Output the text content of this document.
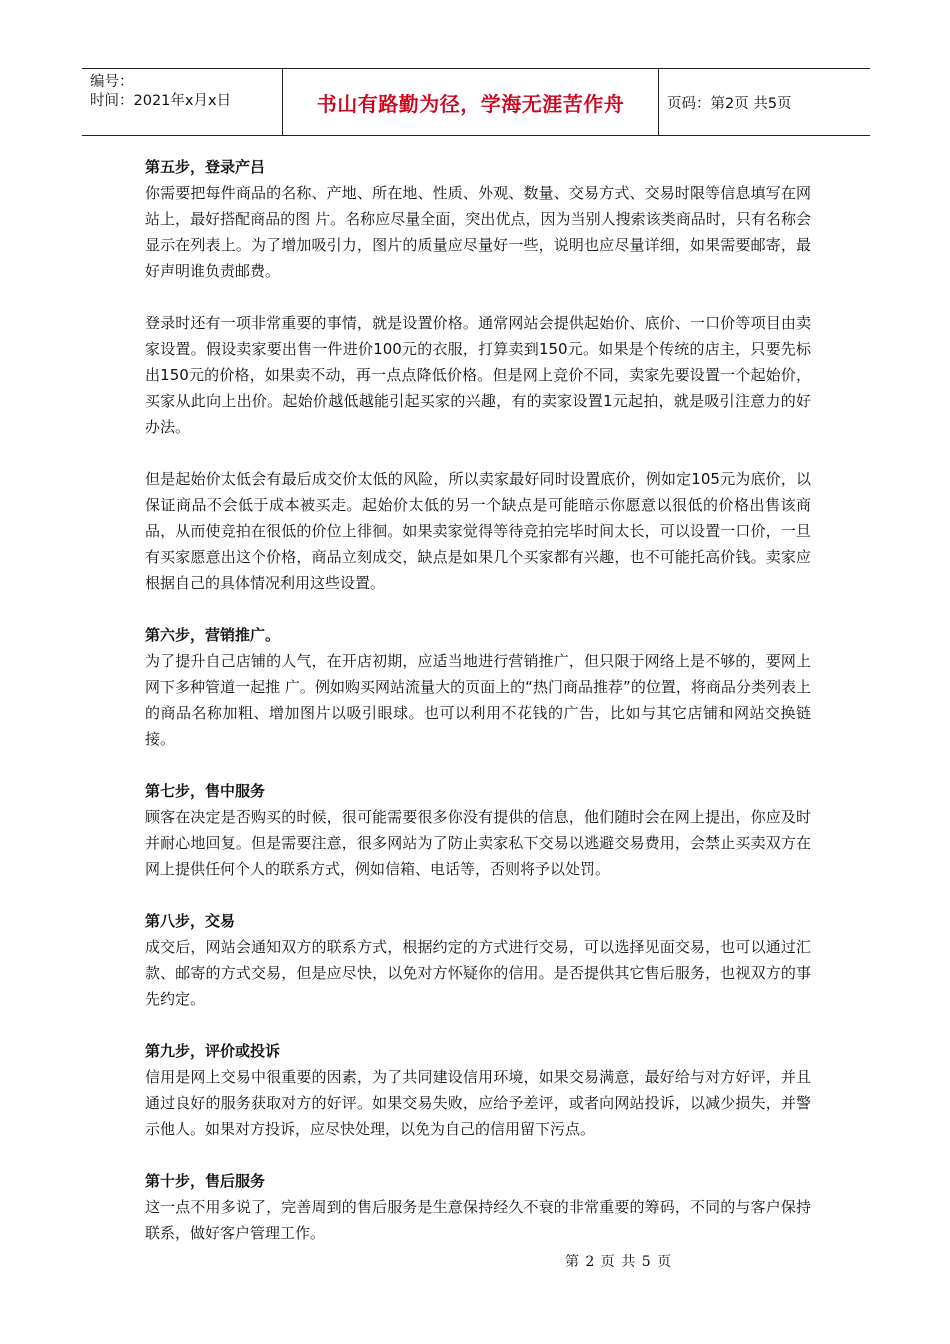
编号：
时间：2021年x月x日	书山有路勤为径，学海无涯苦作舟	页码：第2页 共5页
第五步，登录产吕

你需要把每件商品的名称、产地、所在地、性质、外观、数量、交易方式、交易时限等信息填写在网站上，最好搭配商品的图 片。名称应尽量全面，突出优点，因为当别人搜索该类商品时，只有名称会显示在列表上。为了增加吸引力，图片的质量应尽量好一些，说明也应尽量详细，如果需要邮寄，最好声明谁负责邮费。

登录时还有一项非常重要的事情，就是设置价格。通常网站会提供起始价、底价、一口价等项目由卖家设置。假设卖家要出售一件进价100元的衣服，打算卖到150元。如果是个传统的店主，只要先标出150元的价格，如果卖不动，再一点点降低价格。但是网上竞价不同，卖家先要设置一个起始价，买家从此向上出价。起始价越低越能引起买家的兴趣，有的卖家设置1元起拍，就是吸引注意力的好办法。

但是起始价太低会有最后成交价太低的风险，所以卖家最好同时设置底价，例如定105元为底价，以保证商品不会低于成本被买走。起始价太低的另一个缺点是可能暗示你愿意以很低的价格出售该商品，从而使竞拍在很低的价位上徘徊。如果卖家觉得等待竞拍完毕时间太长，可以设置一口价，一旦有买家愿意出这个价格，商品立刻成交，缺点是如果几个买家都有兴趣，也不可能托高价钱。卖家应根据自己的具体情况利用这些设置。

第六步，营销推广。

为了提升自己店铺的人气，在开店初期，应适当地进行营销推广，但只限于网络上是不够的，要网上网下多种管道一起推 广。例如购买网站流量大的页面上的“热门商品推荐”的位置，将商品分类列表上的商品名称加粗、增加图片以吸引眼球。也可以利用不花钱的广告，比如与其它店铺和网站交换链接。

第七步，售中服务

顾客在决定是否购买的时候，很可能需要很多你没有提供的信息，他们随时会在网上提出，你应及时并耐心地回复。但是需要注意，很多网站为了防止卖家私下交易以逃避交易费用，会禁止买卖双方在网上提供任何个人的联系方式，例如信箱、电话等，否则将予以处罚。

第八步，交易

成交后，网站会通知双方的联系方式，根据约定的方式进行交易，可以选择见面交易，也可以通过汇款、邮寄的方式交易，但是应尽快，以免对方怀疑你的信用。是否提供其它售后服务，也视双方的事先约定。

第九步，评价或投诉

信用是网上交易中很重要的因素，为了共同建设信用环境，如果交易满意，最好给与对方好评，并且通过良好的服务获取对方的好评。如果交易失败，应给予差评，或者向网站投诉，以减少损失，并警示他人。如果对方投诉，应尽快处理，以免为自己的信用留下污点。

第十步，售后服务

这一点不用多说了，完善周到的售后服务是生意保持经久不衰的非常重要的筹码，不同的与客户保持联系，做好客户管理工作。

第 2 页 共 5 页
